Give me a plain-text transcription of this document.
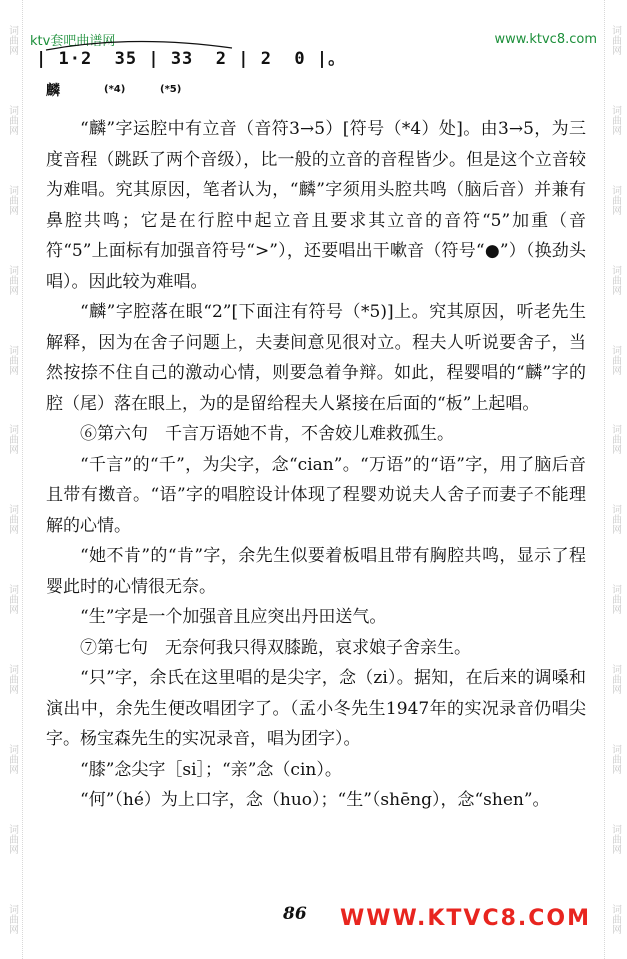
词曲网
词曲网
词曲网
词曲网
词曲网
词曲网
词曲网
词曲网
词曲网
词曲网
词曲网
词曲网
词曲网
词曲网
词曲网
词曲网
词曲网
词曲网
词曲网
词曲网
词曲网
词曲网
词曲网
词曲网
ktv套吧曲谱网	www.ktvc8.com
| 1·2  35 | 33  2 | 2  0 |。
麟	(*4)	(*5)

“麟”字运腔中有立音（音符3→5）[符号（*4）处]。由3→5，为三度音程（跳跃了两个音级），比一般的立音的音程皆少。但是这个立音较为难唱。究其原因，笔者认为，“麟”字须用头腔共鸣（脑后音）并兼有鼻腔共鸣；它是在行腔中起立音且要求其立音的音符“5”加重（音符“5”上面标有加强音符号“>”），还要唱出干嗽音（符号“●”）（换劲头唱）。因此较为难唱。

“麟”字腔落在眼“2”[下面注有符号（*5)]上。究其原因，听老先生解释，因为在舍子问题上，夫妻间意见很对立。程夫人听说要舍子，当然按捺不住自己的激动心情，则要急着争辩。如此，程婴唱的“麟”字的腔（尾）落在眼上，为的是留给程夫人紧接在后面的“板”上起唱。

⑥第六句　千言万语她不肯，不舍姣儿难救孤生。

“千言”的“千”，为尖字，念“cian”。“万语”的“语”字，用了脑后音且带有擞音。“语”字的唱腔设计体现了程婴劝说夫人舍子而妻子不能理解的心情。

“她不肯”的“肯”字，余先生似要着板唱且带有胸腔共鸣，显示了程婴此时的心情很无奈。

“生”字是一个加强音且应突出丹田送气。

⑦第七句　无奈何我只得双膝跪，哀求娘子舍亲生。

“只”字，余氏在这里唱的是尖字，念（zi）。据知，在后来的调嗓和演出中，余先生便改唱团字了。（孟小冬先生1947年的实况录音仍唱尖字。杨宝森先生的实况录音，唱为团字）。

“膝”念尖字［si］；“亲”念（cin）。

“何”（hé）为上口字，念（huo）；“生”（shēng），念“shen”。

86 WWW.KTVC8.COM
